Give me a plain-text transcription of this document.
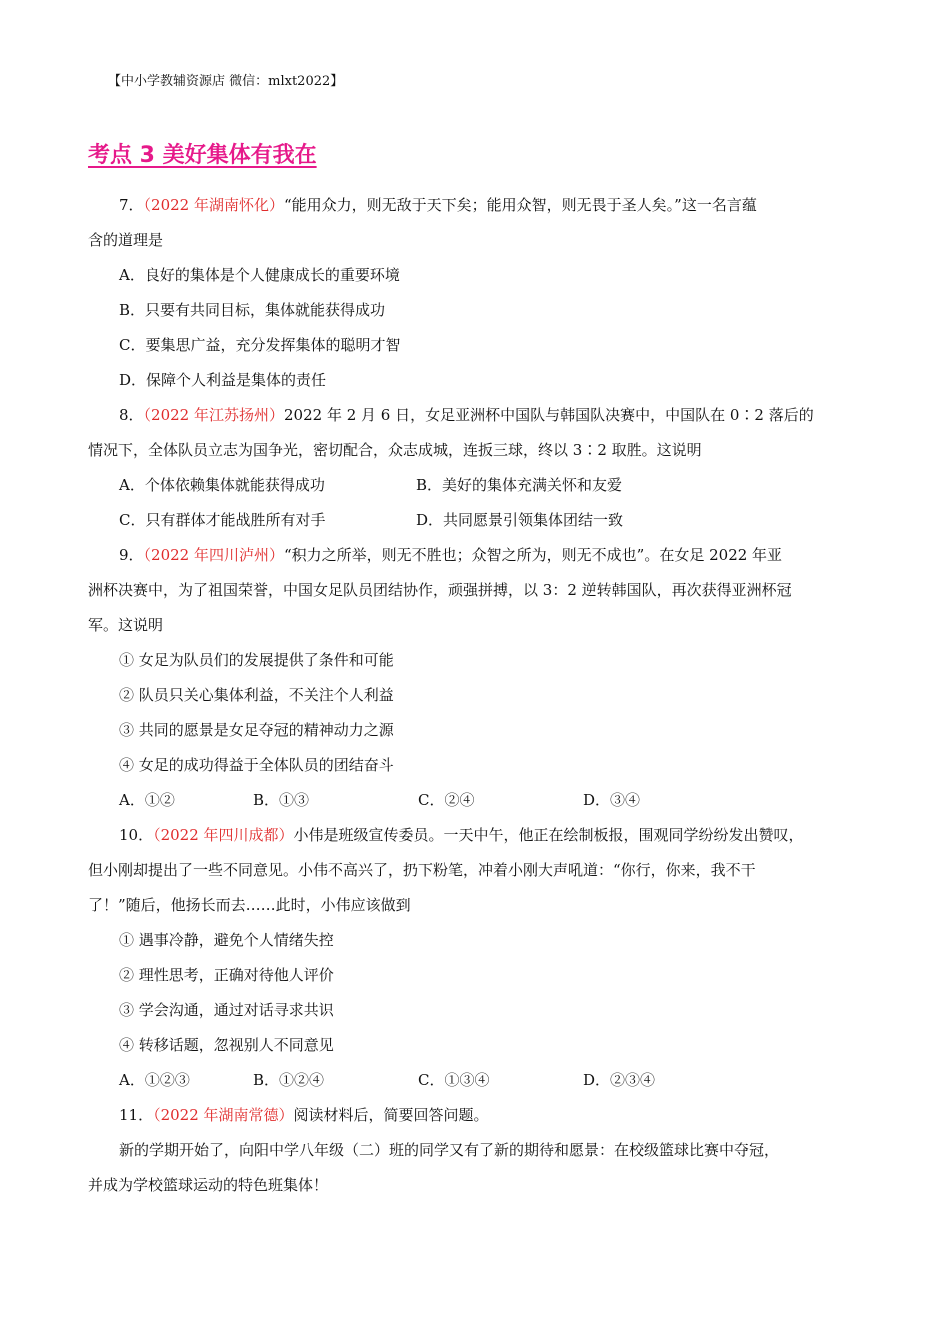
【中小学教辅资源店 微信：mlxt2022】
考点 3 美好集体有我在

7．（2022 年湖南怀化）“能用众力，则无敌于天下矣；能用众智，则无畏于圣人矣。”这一名言蕴

含的道理是

A．良好的集体是个人健康成长的重要环境

B．只要有共同目标，集体就能获得成功

C．要集思广益，充分发挥集体的聪明才智

D．保障个人利益是集体的责任

8．（2022 年江苏扬州）2022 年 2 月 6 日，女足亚洲杯中国队与韩国队决赛中，中国队在 0∶2 落后的

情况下，全体队员立志为国争光，密切配合，众志成城，连扳三球，终以 3∶2 取胜。这说明

A．个体依赖集体就能获得成功	B．美好的集体充满关怀和友爱
C．只有群体才能战胜所有对手	D．共同愿景引领集体团结一致

9．（2022 年四川泸州）“积力之所举，则无不胜也；众智之所为，则无不成也”。在女足 2022 年亚

洲杯决赛中，为了祖国荣誉，中国女足队员团结协作，顽强拼搏，以 3：2 逆转韩国队，再次获得亚洲杯冠

军。这说明

① 女足为队员们的发展提供了条件和可能

② 队员只关心集体利益，不关注个人利益

③ 共同的愿景是女足夺冠的精神动力之源

④ 女足的成功得益于全体队员的团结奋斗

A．①②	B．①③	C．②④	D．③④

10．（2022 年四川成都）小伟是班级宣传委员。一天中午，他正在绘制板报，围观同学纷纷发出赞叹，

但小刚却提出了一些不同意见。小伟不高兴了，扔下粉笔，冲着小刚大声吼道：“你行，你来，我不干

了！”随后，他扬长而去……此时，小伟应该做到

① 遇事冷静，避免个人情绪失控

② 理性思考，正确对待他人评价

③ 学会沟通，通过对话寻求共识

④ 转移话题，忽视别人不同意见

A．①②③	B．①②④	C．①③④	D．②③④

11．（2022 年湖南常德）阅读材料后，简要回答问题。

新的学期开始了，向阳中学八年级（二）班的同学又有了新的期待和愿景：在校级篮球比赛中夺冠，

并成为学校篮球运动的特色班集体！
